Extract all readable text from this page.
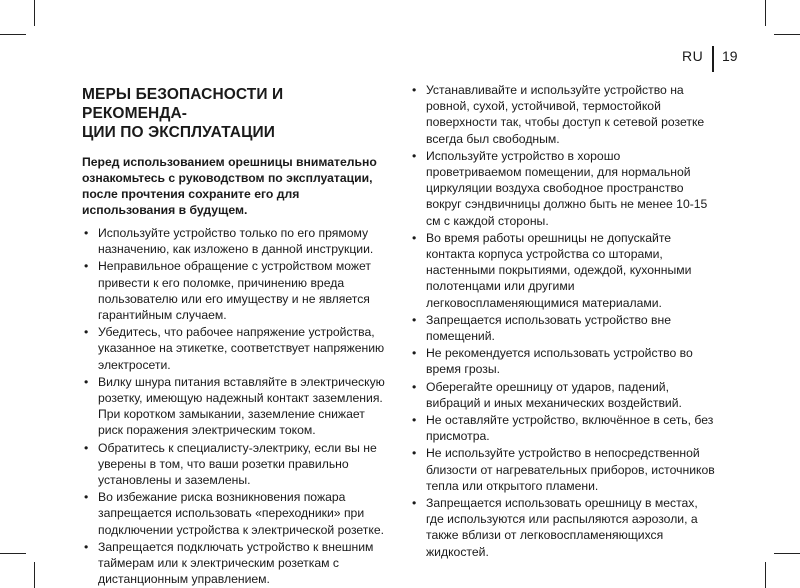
RU 19
МЕРЫ БЕЗОПАСНОСТИ И РЕКОМЕНДА-
ЦИИ ПО ЭКСПЛУАТАЦИИ

Перед использованием орешницы внимательно ознакомьтесь с руководством по эксплуатации, после прочтения сохраните его для использования в будущем.

• Используйте устройство только по его прямому назначению, как изложено в данной инструкции.
• Неправильное обращение с устройством может привести к его поломке, причинению вреда пользователю или его имуществу и не является гарантийным случаем.
• Убедитесь, что рабочее напряжение устройства, указанное на этикетке, соответствует напряжению электросети.
• Вилку шнура питания вставляйте в электрическую розетку, имеющую надежный контакт заземления. При коротком замыкании, заземление снижает риск поражения электрическим током.
• Обратитесь к специалисту-электрику, если вы не уверены в том, что ваши розетки правильно установлены и заземлены.
• Во избежание риска возникновения пожара запрещается использовать «переходники» при подключении устройства к электрической розетке.
• Запрещается подключать устройство к внешним таймерам или к электрическим розеткам с дистанционным управлением.
• Устанавливайте и используйте устройство на ровной, сухой, устойчивой, термостойкой поверхности так, чтобы доступ к сетевой розетке всегда был свободным.
• Используйте устройство в хорошо проветриваемом помещении, для нормальной циркуляции воздуха свободное пространство вокруг сэндвичницы должно быть не менее 10-15 см с каждой стороны.
• Во время работы орешницы не допускайте контакта корпуса устройства со шторами, настенными покрытиями, одеждой, кухонными полотенцами или другими легковоспламеняющимися материалами.
• Запрещается использовать устройство вне помещений.
• Не рекомендуется использовать устройство во время грозы.
• Оберегайте орешницу от ударов, падений, вибраций и иных механических воздействий.
• Не оставляйте устройство, включённое в сеть, без присмотра.
• Не используйте устройство в непосредственной близости от нагревательных приборов, источников тепла или открытого пламени.
• Запрещается использовать орешницу в местах, где используются или распыляются аэрозоли, а также вблизи от легковоспламеняющихся жидкостей.
